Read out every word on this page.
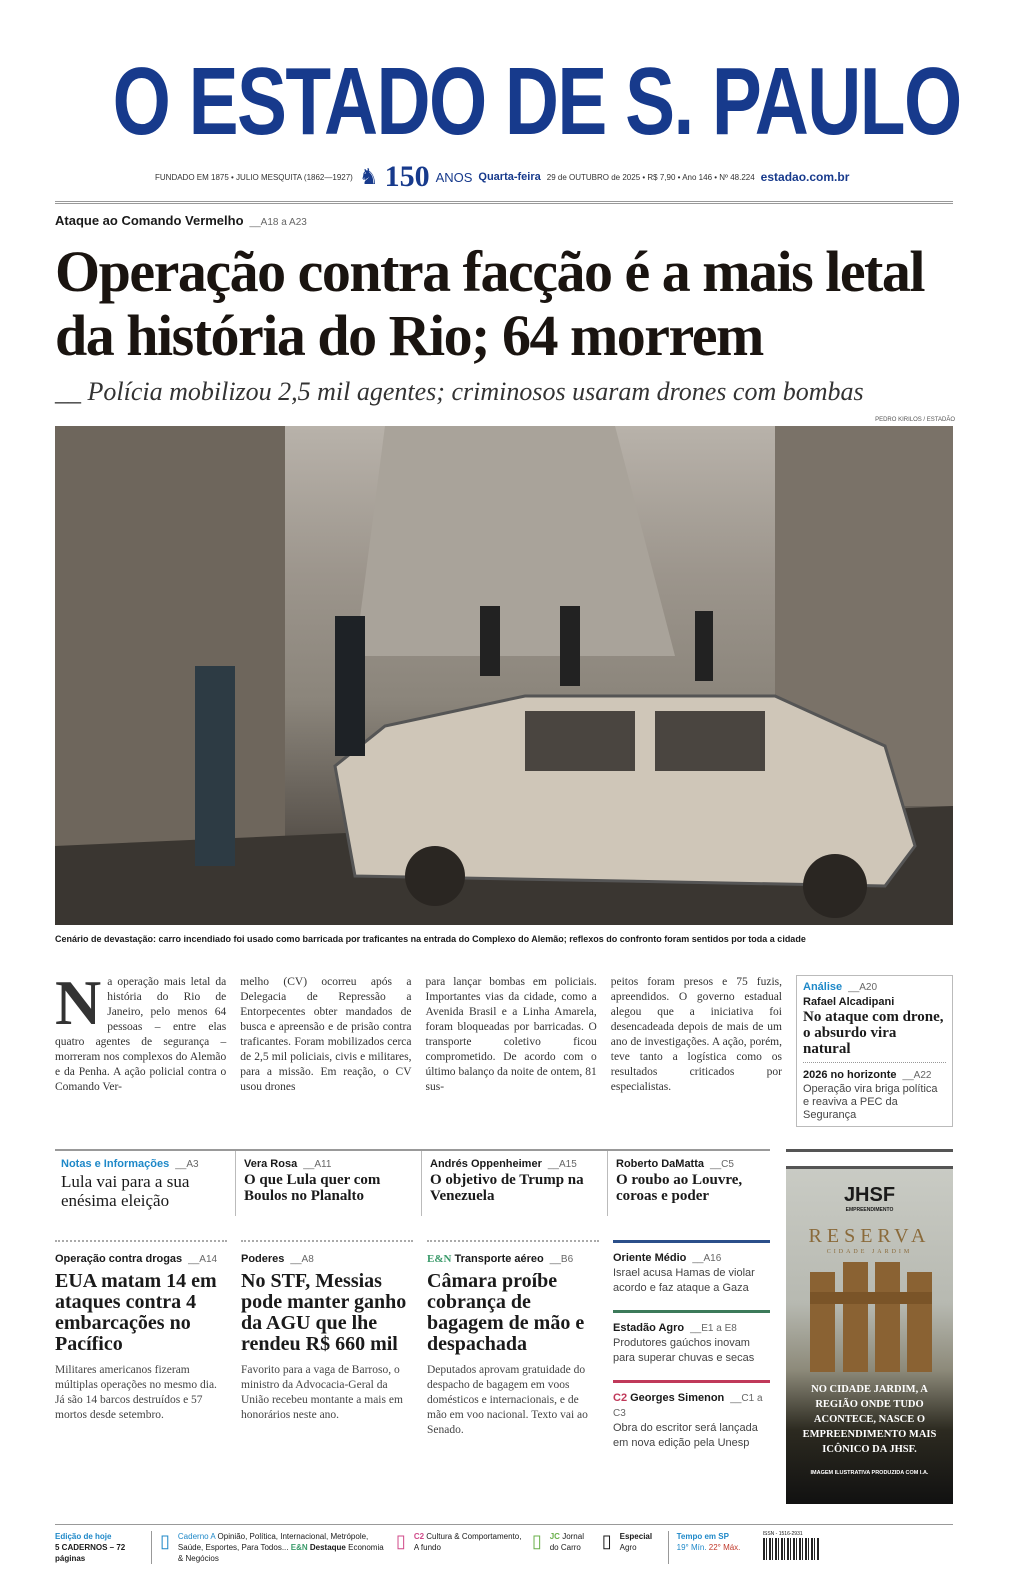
O ESTADO DE S. PAULO
FUNDADO EM 1875 • JULIO MESQUITA (1862—1927) ♞ 150 ANOS Quarta-feira 29 de OUTUBRO de 2025 • R$ 7,90 • Ano 146 • Nº 48.224 estadao.com.br
Ataque ao Comando Vermelho __A18 a A23
Operação contra facção é a mais letal da história do Rio; 64 morrem
__ Polícia mobilizou 2,5 mil agentes; criminosos usaram drones com bombas
PEDRO KIRILOS / ESTADÃO
Cenário de devastação: carro incendiado foi usado como barricada por traficantes na entrada do Complexo do Alemão; reflexos do confronto foram sentidos por toda a cidade
Na operação mais letal da história do Rio de Janeiro, pelo menos 64 pessoas – entre elas quatro agentes de segurança – morreram nos complexos do Alemão e da Penha. A ação policial contra o Comando Ver-
melho (CV) ocorreu após a Delegacia de Repressão a Entorpecentes obter mandados de busca e apreensão e de prisão contra traficantes. Foram mobilizados cerca de 2,5 mil policiais, civis e militares, para a missão. Em reação, o CV usou drones
para lançar bombas em policiais. Importantes vias da cidade, como a Avenida Brasil e a Linha Amarela, foram bloqueadas por barricadas. O transporte coletivo ficou comprometido. De acordo com o último balanço da noite de ontem, 81 sus-
peitos foram presos e 75 fuzis, apreendidos. O governo estadual alegou que a iniciativa foi desencadeada depois de mais de um ano de investigações. A ação, porém, teve tanto a logística como os resultados criticados por especialistas.
Análise __A20
Rafael Alcadipani
No ataque com drone, o absurdo vira natural
2026 no horizonte __A22
Operação vira briga política e reaviva a PEC da Segurança
Notas e Informações __A3
Lula vai para a sua enésima eleição
Vera Rosa __A11
O que Lula quer com Boulos no Planalto
Andrés Oppenheimer __A15
O objetivo de Trump na Venezuela
Roberto DaMatta __C5
O roubo ao Louvre, coroas e poder
Operação contra drogas __A14
EUA matam 14 em ataques contra 4 embarcações no Pacífico

Militares americanos fizeram múltiplas operações no mesmo dia. Já são 14 barcos destruídos e 57 mortos desde setembro.

Poderes __A8
No STF, Messias pode manter ganho da AGU que lhe rendeu R$ 660 mil

Favorito para a vaga de Barroso, o ministro da Advocacia-Geral da União recebeu montante a mais em honorários neste ano.

E&N Transporte aéreo __B6
Câmara proíbe cobrança de bagagem de mão e despachada

Deputados aprovam gratuidade do despacho de bagagem em voos domésticos e internacionais, e de mão em voo nacional. Texto vai ao Senado.

Oriente Médio __A16

Israel acusa Hamas de violar acordo e faz ataque a Gaza

Estadão Agro __E1 a E8

Produtores gaúchos inovam para superar chuvas e secas

C2 Georges Simenon __C1 a C3

Obra do escritor será lançada em nova edição pela Unesp

JHSF
EMPREENDIMENTO
RESERVA
CIDADE JARDIM
NO CIDADE JARDIM, A REGIÃO ONDE TUDO ACONTECE, NASCE O EMPREENDIMENTO MAIS ICÔNICO DA JHSF.
IMAGEM ILUSTRATIVA PRODUZIDA COM I.A.
Edição de hoje
5 CADERNOS – 72 páginas
▯ Caderno A Opinião, Política, Internacional, Metrópole, Saúde, Esportes, Para Todos... E&N Destaque Economia & Negócios
▯ C2 Cultura & Comportamento, A fundo	▯ JC Jornal do Carro	▯ Especial Agro
Tempo em SP
19° Mín. 22° Máx.
ISSN - 1516-2931
